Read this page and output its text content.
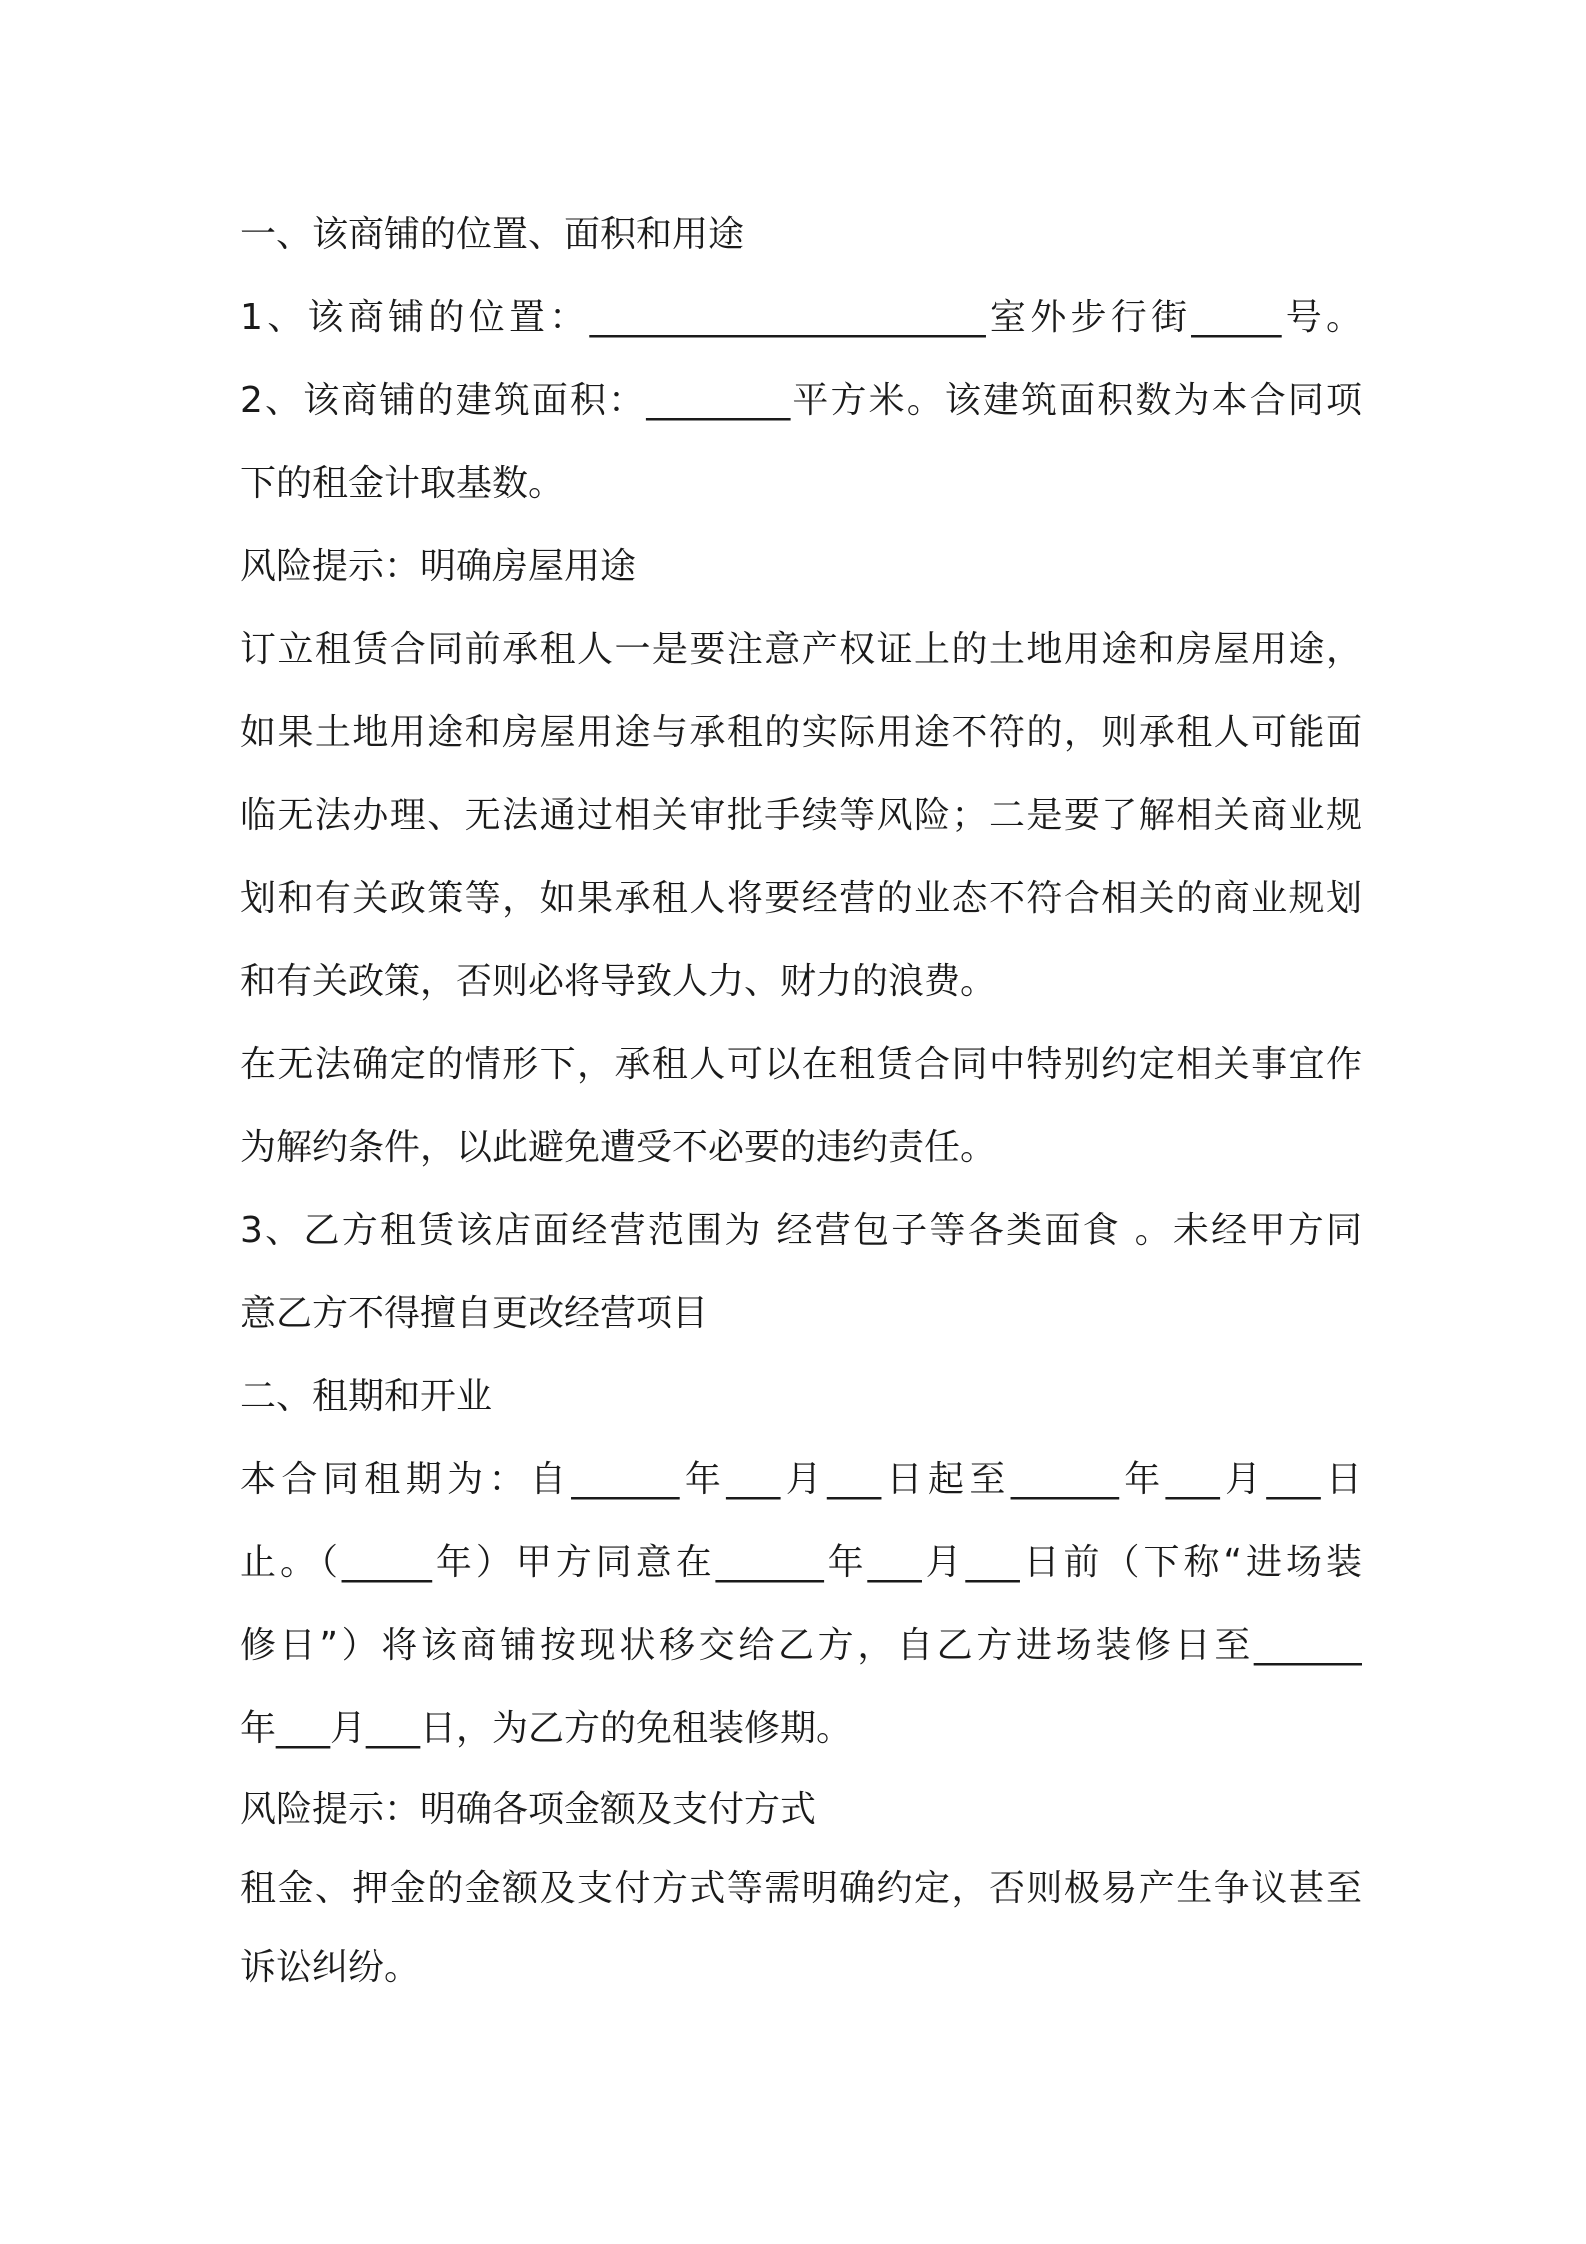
一、该商铺的位置、面积和用途
1、该商铺的位置：______________________室外步行街_____号。
2、该商铺的建筑面积：________平方米。该建筑面积数为本合同项
下的租金计取基数。
风险提示：明确房屋用途
订立租赁合同前承租人一是要注意产权证上的土地用途和房屋用途，
如果土地用途和房屋用途与承租的实际用途不符的，则承租人可能面
临无法办理、无法通过相关审批手续等风险；二是要了解相关商业规
划和有关政策等，如果承租人将要经营的业态不符合相关的商业规划
和有关政策，否则必将导致人力、财力的浪费。
在无法确定的情形下，承租人可以在租赁合同中特别约定相关事宜作
为解约条件，以此避免遭受不必要的违约责任。
3、乙方租赁该店面经营范围为 经营包子等各类面食 。未经甲方同
意乙方不得擅自更改经营项目
二、租期和开业
本合同租期为：自______年___月___日起至______年___月___日
止。（_____年）甲方同意在______年___月___日前（下称“进场装
修日”）将该商铺按现状移交给乙方，自乙方进场装修日至______
年___月___日，为乙方的免租装修期。
风险提示：明确各项金额及支付方式
租金、押金的金额及支付方式等需明确约定，否则极易产生争议甚至
诉讼纠纷。
